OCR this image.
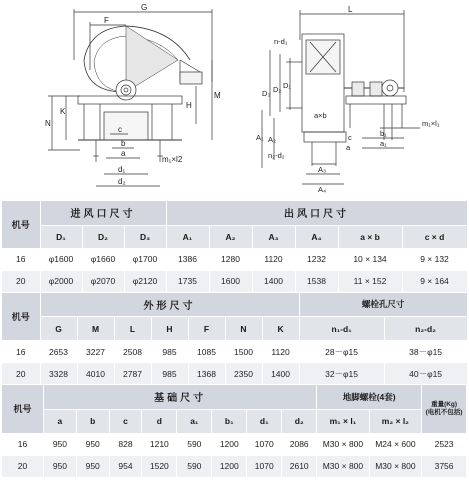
G
F
M
H
N
K
c
b
a
d₁
d₂
m₁×l2
L
n-d₁
D₁
D₂
D₃
A₁ A₂
A₃
A₄
a×b
n₂-d₂
m₁×l₁
b₁
a₁
c
a
机号	进风口尺寸			出风口尺寸					
	D₁	D₂	D₃	A₁	A₂	A₃	A₄	a × b	c × d
16	φ1600	φ1660	φ1700	1386	1280	1120	1232	10 × 134	9 × 132
20	φ2000	φ2070	φ2120	1735	1600	1400	1538	11 × 152	9 × 164
机号	外形尺寸							螺栓孔尺寸	
	G	M	L	H	F	N	K	n₁-d₁	n₂-d₂
16	2653	3227	2508	985	1085	1500	1120	28－φ15	38－φ15
20	3328	4010	2787	985	1368	2350	1400	32－φ15	40－φ15
机号	基础尺寸								地脚螺栓(4套)		重量(Kg)
(电机不包括)

	a	b	c	d	a₁	b₁	d₁	d₂	m₁ × l₁	m₂ × l₂	
16	950	950	828	1210	590	1200	1070	2086	M30 × 800	M24 × 600	2523
20	950	950	954	1520	590	1200	1070	2610	M30 × 800	M30 × 800	3756
